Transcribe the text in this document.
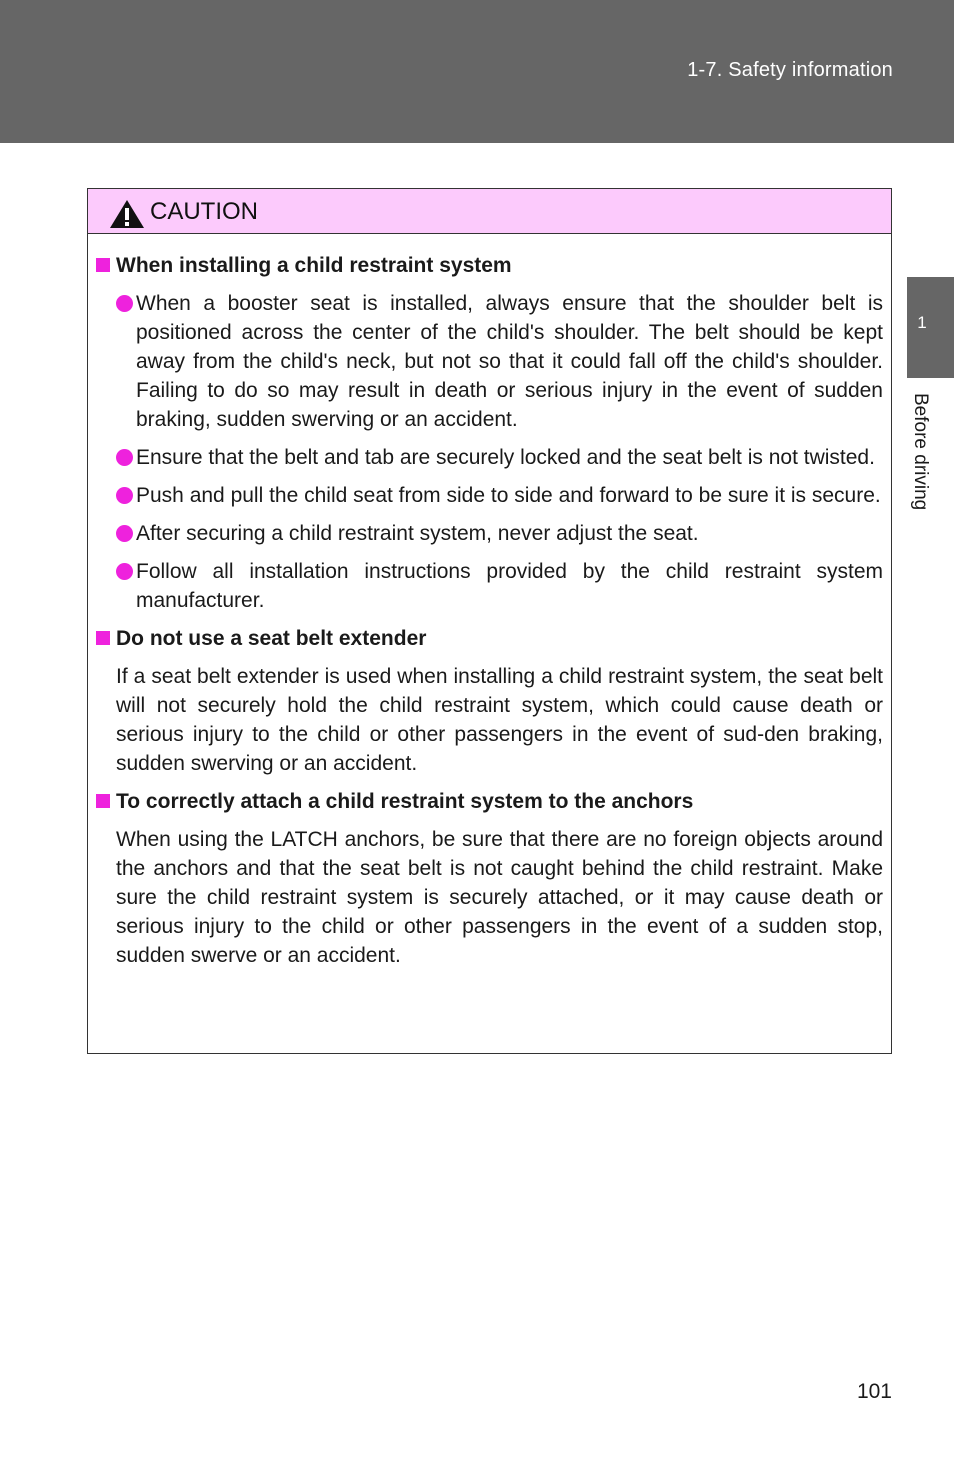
1-7. Safety information
1
Before driving
CAUTION
When installing a child restraint system
When a booster seat is installed, always ensure that the shoulder belt is positioned across the center of the child's shoulder. The belt should be kept away from the child's neck, but not so that it could fall off the child's shoulder. Failing to do so may result in death or serious injury in the event of sudden braking, sudden swerving or an accident.
Ensure that the belt and tab are securely locked and the seat belt is not twisted.
Push and pull the child seat from side to side and forward to be sure it is secure.
After securing a child restraint system, never adjust the seat.
Follow all installation instructions provided by the child restraint system manufacturer.
Do not use a seat belt extender
If a seat belt extender is used when installing a child restraint system, the seat belt will not securely hold the child restraint system, which could cause death or serious injury to the child or other passengers in the event of sud-den braking, sudden swerving or an accident.
To correctly attach a child restraint system to the anchors
When using the LATCH anchors, be sure that there are no foreign objects around the anchors and that the seat belt is not caught behind the child restraint. Make sure the child restraint system is securely attached, or it may cause death or serious injury to the child or other passengers in the event of a sudden stop, sudden swerve or an accident.
101
